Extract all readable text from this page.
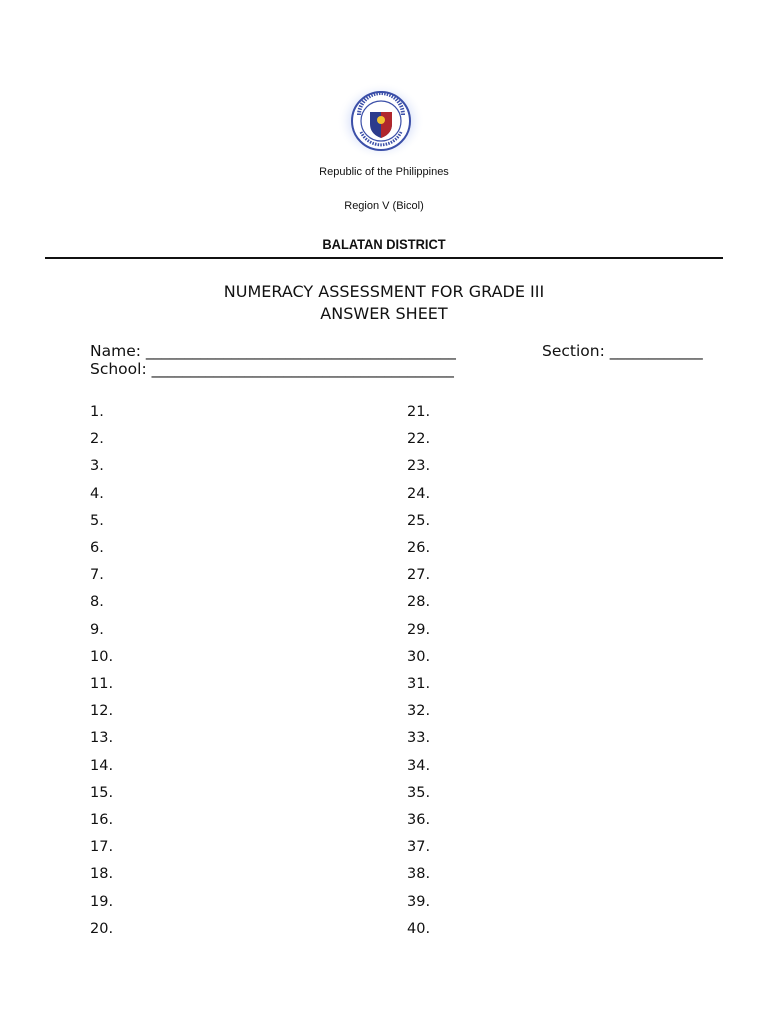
Republic of the Philippines
Region V (Bicol)
BALATAN DISTRICT
NUMERACY ASSESSMENT FOR GRADE III
ANSWER SHEET
Name: ________________________________________	Section: ____________
School: _______________________________________
1.
2.
3.
4.
5.
6.
7.
8.
9.
10.
11.
12.
13.
14.
15.
16.
17.
18.
19.
20.
21.
22.
23.
24.
25.
26.
27.
28.
29.
30.
31.
32.
33.
34.
35.
36.
37.
38.
39.
40.
